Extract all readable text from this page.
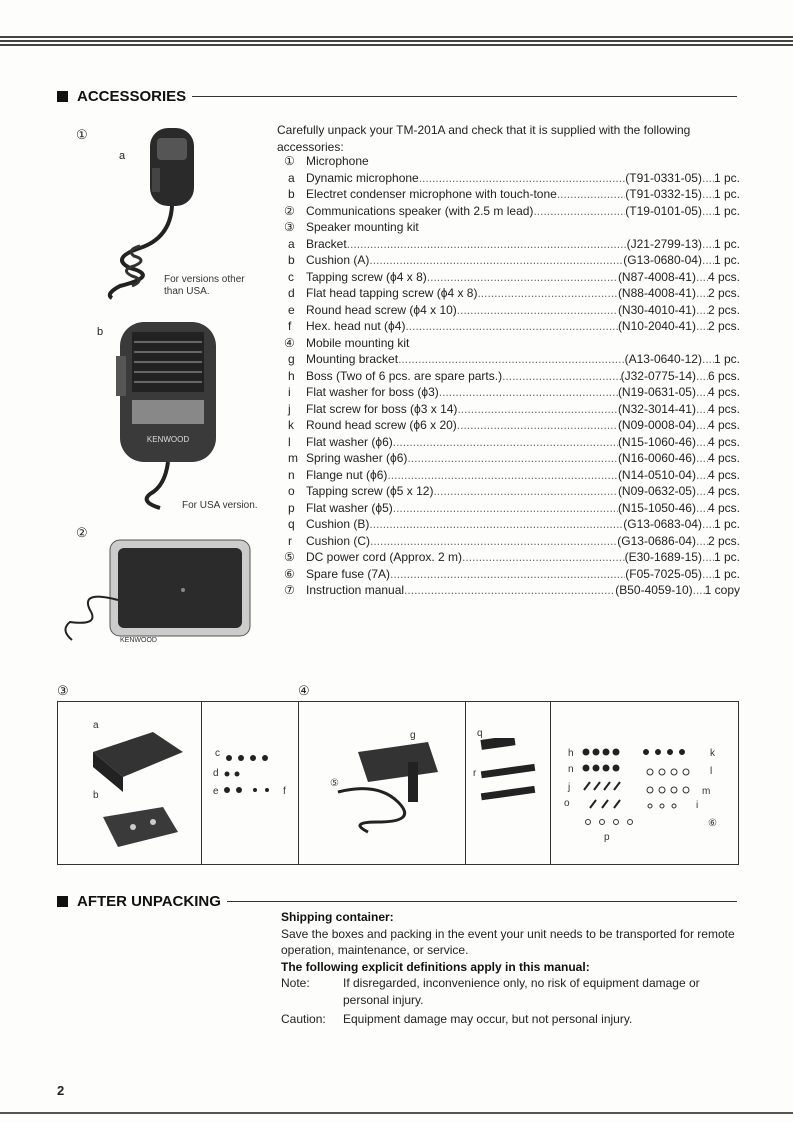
ACCESSORIES
①
a
For versions other than USA.
b
KENWOOD
For USA version.
②
KENWOOD
Carefully unpack your TM-201A and check that it is supplied with the following accessories:
① Microphone
a Dynamic microphone .....	(T91-0331-05) ........ 1 pc.
b Electret condenser microphone with touch-tone .....	(T91-0332-15) ........ 1 pc.
② Communications speaker (with 2.5 m lead) .....	(T19-0101-05) ........ 1 pc.
③ Speaker mounting kit
a Bracket .....	(J21-2799-13) ........ 1 pc.
b Cushion (A) .....	(G13-0680-04) ........ 1 pc.
c	Tapping screw (ϕ4 x 8) .....	(N87-4008-41) ........ 4 pcs.
d Flat head tapping screw (ϕ4 x 8) .....	(N88-4008-41) ........ 2 pcs.
e Round head screw (ϕ4 x 10) .....	(N30-4010-41) ........ 2 pcs.
f	Hex. head nut (ϕ4) .....	(N10-2040-41) ........ 2 pcs.
④ Mobile mounting kit
g Mounting bracket .....	(A13-0640-12) ........ 1 pc.
h Boss (Two of 6 pcs. are spare parts.) .....	(J32-0775-14) ........ 6 pcs.
i	Flat washer for boss (ϕ3) .....	(N19-0631-05) ........ 4 pcs.
j	Flat screw for boss (ϕ3 x 14) .....	(N32-3014-41) ........ 4 pcs.
k	Round head screw (ϕ6 x 20) .....	(N09-0008-04) ........ 4 pcs.
l	Flat washer (ϕ6) .....	(N15-1060-46) ........ 4 pcs.
m Spring washer (ϕ6) .....	(N16-0060-46) ........ 4 pcs.
n Flange nut (ϕ6) .....	(N14-0510-04) ........ 4 pcs.
o Tapping screw (ϕ5 x 12) .....	(N09-0632-05) ........ 4 pcs.
p Flat washer (ϕ5) .....	(N15-1050-46) ........ 4 pcs.
q Cushion (B) .....	(G13-0683-04) ........ 1 pc.
r	Cushion (C) .....	(G13-0686-04) ........ 2 pcs.
⑤ DC power cord (Approx. 2 m) .....	(E30-1689-15) ........ 1 pc.
⑥ Spare fuse (7A) .....	(F05-7025-05) ........ 1 pc.
⑦ Instruction manual .....	(B50-4059-10) ........ 1 copy
③	④
a
b
c
d
e	f
g
⑤
q
r
h
n
j
o
p
k
l
m
i
⑥
AFTER UNPACKING
Shipping container:
Save the boxes and packing in the event your unit needs to be transported for remote operation, maintenance, or service.
The following explicit definitions apply in this manual:
Note:	If disregarded, inconvenience only, no risk of equipment damage or personal injury.
Caution:	Equipment damage may occur, but not personal injury.
2
